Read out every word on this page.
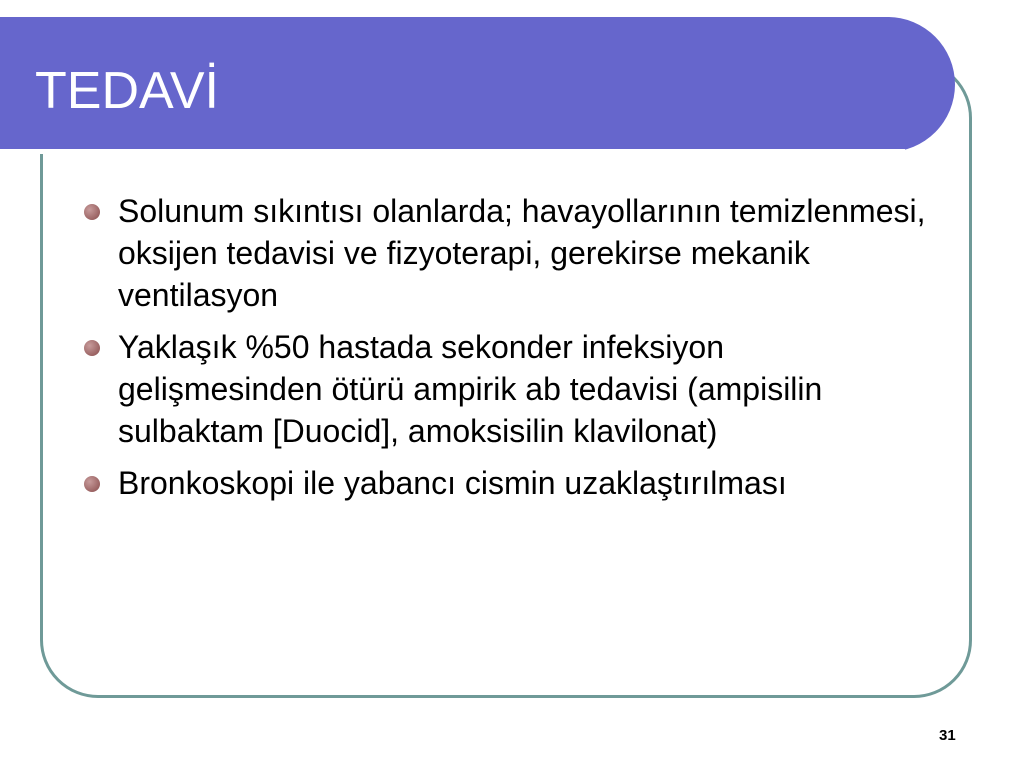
TEDAVİ
Solunum sıkıntısı olanlarda; havayollarının temizlenmesi, oksijen tedavisi ve fizyoterapi, gerekirse mekanik ventilasyon
Yaklaşık %50 hastada sekonder infeksiyon gelişmesinden ötürü ampirik ab tedavisi (ampisilin sulbaktam [Duocid], amoksisilin klavilonat)
Bronkoskopi ile yabancı cismin uzaklaştırılması
31
